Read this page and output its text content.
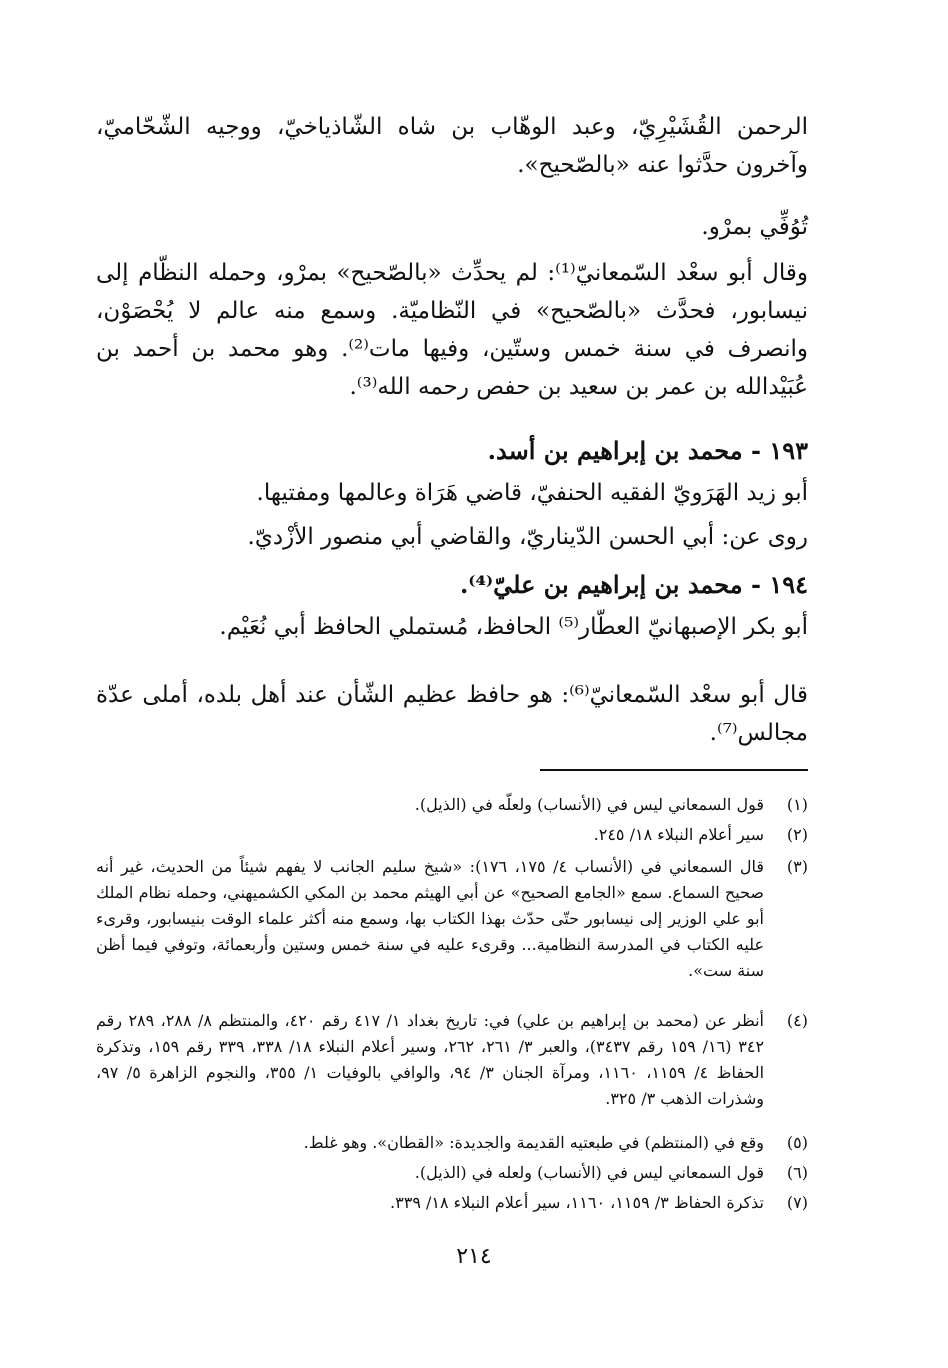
الرحمن القُشَيْرِيّ، وعبد الوهّاب بن شاه الشّاذياخيّ، ووجيه الشّحّاميّ، وآخرون حدَّثوا عنه «بالصّحيح».
تُوُفِّي بمرْو.
وقال أبو سعْد السّمعانيّ⁽¹⁾: لم يحدِّث «بالصّحيح» بمرْو، وحمله النظّام إلى نيسابور، فحدَّث «بالصّحيح» في النّظاميّة. وسمع منه عالم لا يُحْصَوْن، وانصرف في سنة خمس وستّين، وفيها مات⁽²⁾. وهو محمد بن أحمد بن عُبَيْدالله بن عمر بن سعيد بن حفص رحمه الله⁽³⁾.
١٩٣ - محمد بن إبراهيم بن أسد.
أبو زيد الهَرَويّ الفقيه الحنفيّ، قاضي هَرَاة وعالمها ومفتيها.
روى عن: أبي الحسن الدّيناريّ، والقاضي أبي منصور الأزْديّ.
١٩٤ - محمد بن إبراهيم بن عليّ⁽⁴⁾.
أبو بكر الإصبهانيّ العطّار⁽⁵⁾ الحافظ، مُستملي الحافظ أبي نُعَيْم.
قال أبو سعْد السّمعانيّ⁽⁶⁾: هو حافظ عظيم الشّأن عند أهل بلده، أملى عدّة مجالس⁽⁷⁾.
(١)
قول السمعاني ليس في (الأنساب) ولعلّه في (الذيل).
(٢)
سير أعلام النبلاء ١٨/ ٢٤٥.
(٣)
قال السمعاني في (الأنساب ٤/ ١٧٥، ١٧٦): «شيخ سليم الجانب لا يفهم شيئاً من الحديث، غير أنه صحيح السماع. سمع «الجامع الصحيح» عن أبي الهيثم محمد بن المكي الكشميهني، وحمله نظام الملك أبو علي الوزير إلى نيسابور حتّى حدّث بهذا الكتاب بها، وسمع منه أكثر علماء الوقت بنيسابور، وقرىء عليه الكتاب في المدرسة النظامية... وقرىء عليه في سنة خمس وستين وأربعمائة، وتوفي فيما أظن سنة ست».
(٤)
أنظر عن (محمد بن إبراهيم بن علي) في: تاريخ بغداد ١/ ٤١٧ رقم ٤٢٠، والمنتظم ٨/ ٢٨٨، ٢٨٩ رقم ٣٤٢ (١٦/ ١٥٩ رقم ٣٤٣٧)، والعبر ٣/ ٢٦١، ٢٦٢، وسير أعلام النبلاء ١٨/ ٣٣٨، ٣٣٩ رقم ١٥٩، وتذكرة الحفاظ ٤/ ١١٥٩، ١١٦٠، ومرآة الجنان ٣/ ٩٤، والوافي بالوفيات ١/ ٣٥٥، والنجوم الزاهرة ٥/ ٩٧، وشذرات الذهب ٣/ ٣٢٥.
(٥)
وقع في (المنتظم) في طبعتيه القديمة والجديدة: «القطان». وهو غلط.
(٦)
قول السمعاني ليس في (الأنساب) ولعله في (الذيل).
(٧)
تذكرة الحفاظ ٣/ ١١٥٩، ١١٦٠، سير أعلام النبلاء ١٨/ ٣٣٩.
٢١٤
